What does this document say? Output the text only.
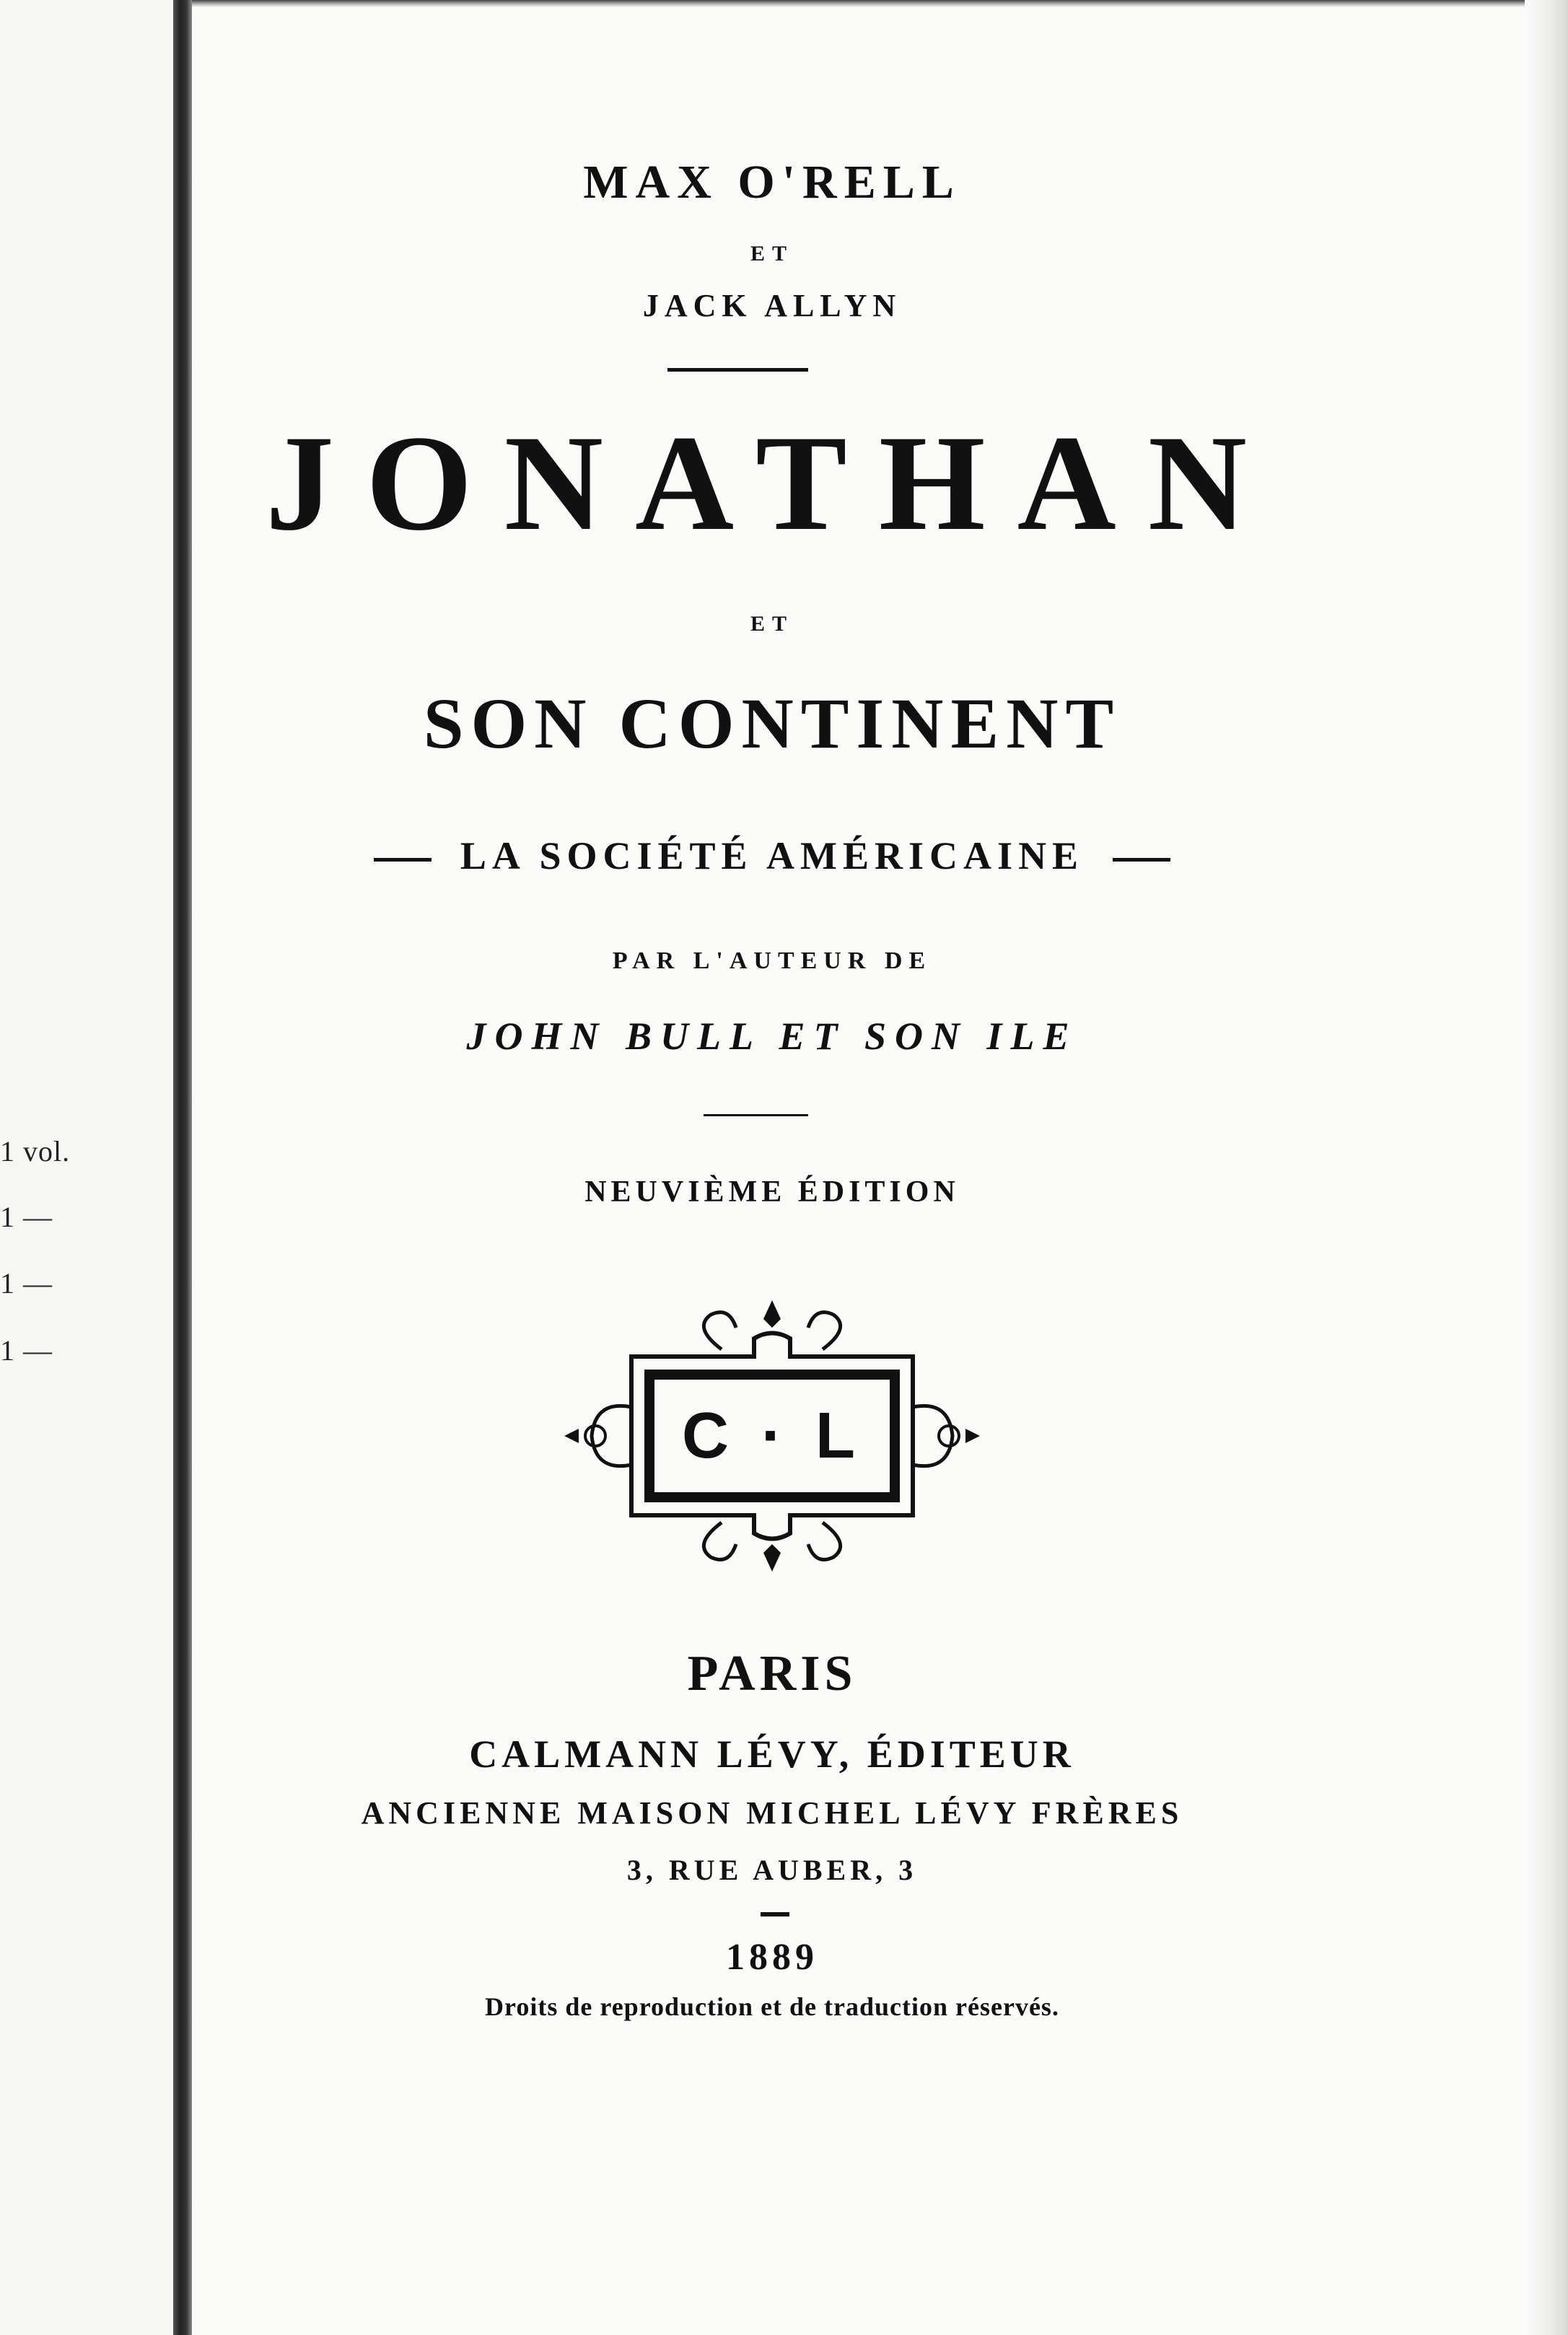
1 vol.
1 —
1 —
1 —
MAX O'RELL
ET
JACK ALLYN
JONATHAN
ET
SON CONTINENT
LA SOCIÉTÉ AMÉRICAINE
PAR L'AUTEUR DE
JOHN BULL ET SON ILE
NEUVIÈME ÉDITION
C · L
PARIS
CALMANN LÉVY, ÉDITEUR
ANCIENNE MAISON MICHEL LÉVY FRÈRES
3, RUE AUBER, 3
1889
Droits de reproduction et de traduction réservés.
